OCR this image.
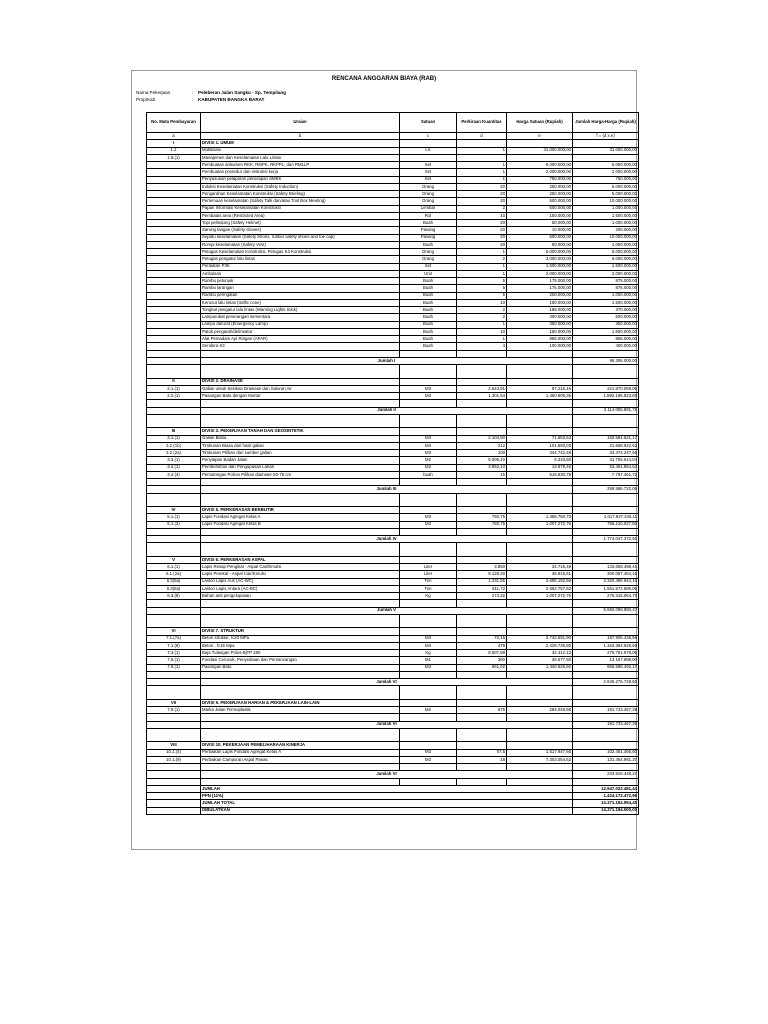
RENCANA ANGGARAN BIAYA (RAB)
Nama Pekerjaan	: Peleberan Jalan Sangku - Sp. Tempilang
Prop/Kab	: KABUPATEN BANGKA BARAT
No. Mata Pembayaran	Uraian	Satuan	Perkiraan Kuantitas	Harga Satuan (Rupiah)	Jumlah Harga-Harga (Rupiah)
a	b	c	d	e	f = (d x e)
I	DIVISI 1. UMUM				
1.2	Mobilisasi	LS	1	31.000.000,00	31.000.000,00
1.8.(1)	Manajemen dan Keselamatan Lalu Lintas				
	Pembuatan dokumen RKK, RMPK, RKPPL, dan RMLLP	Set	1	5.000.000,00	5.000.000,00
	Pembuatan prosedur dan instruksi kerja	Set	1	2.000.000,00	2.000.000,00
	Penyusunan pelaporan penerapan SMKK	Set	1	750.000,00	750.000,00
	Induksi Keselamatan Konstruksi (Safety Induction)	Orang	20	250.000,00	5.000.000,00
	Pengarahan Keselamatan Konstruksi (Safety Briefing)	Orang	20	250.000,00	5.000.000,00
	Pertemuan keselamatan (Safety Talk dan/atau Tool Box Meeting)	Orang	20	500.000,00	10.000.000,00
	Papan Informasi Keselamatan Konstruksi	Lembar	2	500.000,00	1.000.000,00
	Pembatas area (Restricted Area)	Rol	10	150.000,00	1.500.000,00
	Topi pelindung (Safety Helmet)	Buah	20	50.000,00	1.000.000,00
	Sarung tangan (Safety Gloves)	Pasang	20	10.000,00	200.000,00
	Sepatu keselamatan (Safety Shoes, rubber safety shoes and toe cap)	Pasang	20	500.000,00	10.000.000,00
	Rompi keselamatan (Safety Vest)	Buah	20	50.000,00	1.000.000,00
	Petugas Keselamatan Konstruksi, Petugas K3 Konstruksi	Orang	1	5.000.000,00	5.000.000,00
	Petugas pengatur lalu lintas	Orang	2	3.000.000,00	6.000.000,00
	Peralatan P3K	Set	1	1.500.000,00	1.500.000,00
	Ambulans	Unit	1	2.000.000,00	2.000.000,00
	Rambu petunjuk	Buah	5	175.000,00	875.000,00
	Rambu larangan	Buah	5	175.000,00	875.000,00
	Rambu peringatan	Buah	5	200.000,00	1.000.000,00
	Kerucut lalu lintas (traffic cone)	Buah	10	150.000,00	1.500.000,00
	Tongkat pengatur lalu lintas (Warning Lights Stick)	Buah	2	185.000,00	370.000,00
	Lampu/obat penerangan sementara	Buah	2	300.000,00	600.000,00
	Lampu darurat (Emergency Lamp)	Buah	1	350.000,00	350.000,00
	Patok pengarah/delineator	Buah	10	150.000,00	1.500.000,00
	Alat Pemadam Api Ringan (APAR)	Buah	1	856.000,00	856.000,00
	Sendera K3	Buah	4	100.000,00	400.000,00

	Jumlah I				96.306.000,00

II	DIVISI 2. DRAINASE				
2.1.(1)	Galian untuk Selokan Drainase dan Saluran Air	M3	2.543,91	87.216,16	221.870.068,06
2.2.(1)	Pasangan Batu dengan Mortar	M3	1.301,54	1.450.805,36	1.892.185.823,69

	Jumlah II				2.114.055.891,75

III	DIVISI 3. PEKERJAAN TANAH DAN GEOSINTETIK				
3.1.(1)	Galian Biasa	M3	2.104,50	71.553,63	150.584.621,17
3.2.(1b)	Timbunan Biasa dari hasil galian	M3	212	101.693,03	21.558.922,52
3.2.(2a)	Timbunan Pilihan dari sumber galian	M3	100	344.742,48	34.474.247,66
3.3.(1)	Penyiapan Badan Jalan	M2	5.006,10	6.333,60	31.706.614,04
3.4.(1)	Pembersihan dan Pengupasan Lahan	M2	3.852,10	13.879,46	53.464.854,62
3.4.(4)	Pemotongan Pohon Pilihan diameter 50-75 cm	buah	15	519.830,78	7.797.461,72

	Jumlah III				299.586.722,05

IV	DIVISI 5. PERKERASAN BERBUTIR				
5.1.(1)	Lapis Fondasi Agregat Kelas A	M3	750,75	1.355.760,70	1.017.837.345,11
5.1.(2)	Lapis Fondasi Agregat Kelas B	M3	750,75	1.007.272,76	756.210.027,80

	Jumlah IV				1.774.047.372,91

V	DIVISI 6. PERKERASAN ASPAL				
6.1.(1)	Lapis Resap Pengikat - Aspal Cair/Emulsi	Liter	3.850	34.716,49	133.658.498,41
6.1.(2a)	Lapis Perekat - Aspal Cair/Emulsi	Liter	8.128,20	36.915,61	300.057.454,15
6.3(5a)	Laston Lapis Aus (AC-WC)	Ton	1.231,55	2.696.192,56	3.320.496.944,16
6.3(6a)	Laston Lapis Antara (AC-BC)	Ton	611,72	2.552.757,62	1.561.572.889,06
6.3.(8)	Bahan anti pengelupasan	Kg	274,32	1.007.272,76	276.315.064,70

	Jumlah V				5.592.099.850,47

VI	DIVISI 7. STRUKTUR				
7.1.(7a)	Beton struktur, fc20 MPa	M3	72,16	2.742.591,90	197.905.435,56
7.1.(8)	Beton , fc15 Mpa	M3	479	2.428.736,80	1.163.364.928,66
7.3.(1)	Baja Tulangan Polos-BjTP 280	Kg	8.507,68	32.412,12	275.751.975,06
7.6.(1)	Fondasi Cerucuk, Penyediaan dan Pemancangan	M1	360	36.577,50	13.167.898,00
7.9.(1)	Pasangan Batu	M3	661,02	1.440.525,60	966.586.492,17

	Jumlah VI				2.645.276.728,60

VII	DIVISI 9. PEKERJAAN HARIAN & PEKERJAAN LAIN-LAIN				
7.9.(1)	Marka Jalan Termoplastik	M2	675	284.049,58	191.733.467,39

	Jumlah VI				191.733.467,39

VIII	DIVISI 10. PEKERJAAN PEMELIHARAAN KINERJA				
10.1.(4)	Perbaikan Lapis Fondasi Agregat Kelas A	M3	67,5	1.517.947,66	102.461.466,60
10.1.(9)	Perbaikan Campuran Aspal Panas	M3	18	7.303.054,52	131.454.981,37

	Jumlah VI				233.916.448,27

	JUMLAH				12.947.022.481,44
	PPN (11%)				1.424.172.472,96
	JUMLAH TOTAL				14.371.194.954,40
	DIBULATKAN				14.371.194.000,00
